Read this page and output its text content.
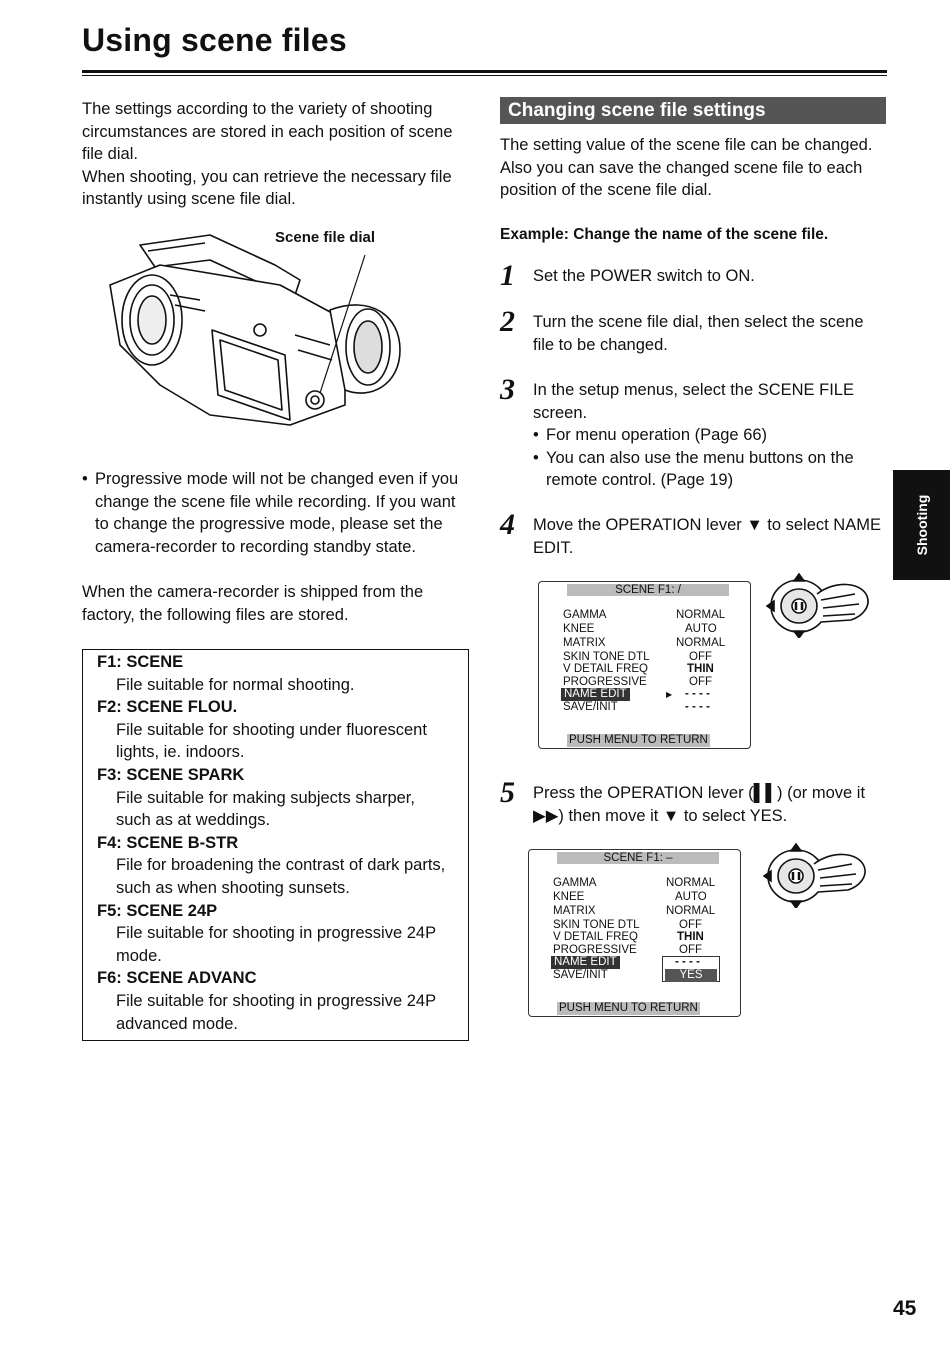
Using scene files
The settings according to the variety of shooting
circumstances are stored in each position of scene
file dial.
When shooting, you can retrieve the necessary file
instantly using scene file dial.
Scene file dial
• Progressive mode will not be changed even if you
change the scene file while recording. If you want
to change the progressive mode, please set the
camera-recorder to recording standby state.
When the camera-recorder is shipped from the
factory, the following files are stored.
F1: SCENE
File suitable for normal shooting.
F2: SCENE FLOU.
File suitable for shooting under fluorescent
lights, ie. indoors.
F3: SCENE SPARK
File suitable for making subjects sharper,
such as at weddings.
F4: SCENE B-STR
File for broadening the contrast of dark parts,
such as when shooting sunsets.
F5: SCENE 24P
File suitable for shooting in progressive 24P
mode.
F6: SCENE ADVANC
File suitable for shooting in progressive 24P
advanced mode.
Changing scene file settings
The setting value of the scene file can be changed.
Also you can save the changed scene file to each
position of the scene file dial.
Example: Change the name of the scene file.
1 Set the POWER switch to ON.
2 Turn the scene file dial, then select the scene
file to be changed.
3 In the setup menus, select the SCENE FILE
screen.
• For menu operation (Page 66)
• You can also use the menu buttons on the
remote control. (Page 19)
4 Move the OPERATION lever ▼ to select NAME
EDIT.
SCENE F1: /
GAMMA
KNEE
MATRIX
SKIN TONE DTL
V DETAIL FREQ
PROGRESSIVE
NAME EDIT
SAVE/INIT
NORMAL
AUTO
NORMAL
OFF
THIN
OFF
▶ - - - -
- - - -
PUSH MENU TO RETURN
5 Press the OPERATION lever (▌▌) (or move it
▶▶) then move it ▼ to select YES.
SCENE F1: –
GAMMA
KNEE
MATRIX
SKIN TONE DTL
V DETAIL FREQ
PROGRESSIVE
NAME EDIT
SAVE/INIT
NORMAL
AUTO
NORMAL
OFF
THIN
OFF
- - - -
YES
PUSH MENU TO RETURN
Shooting
45
